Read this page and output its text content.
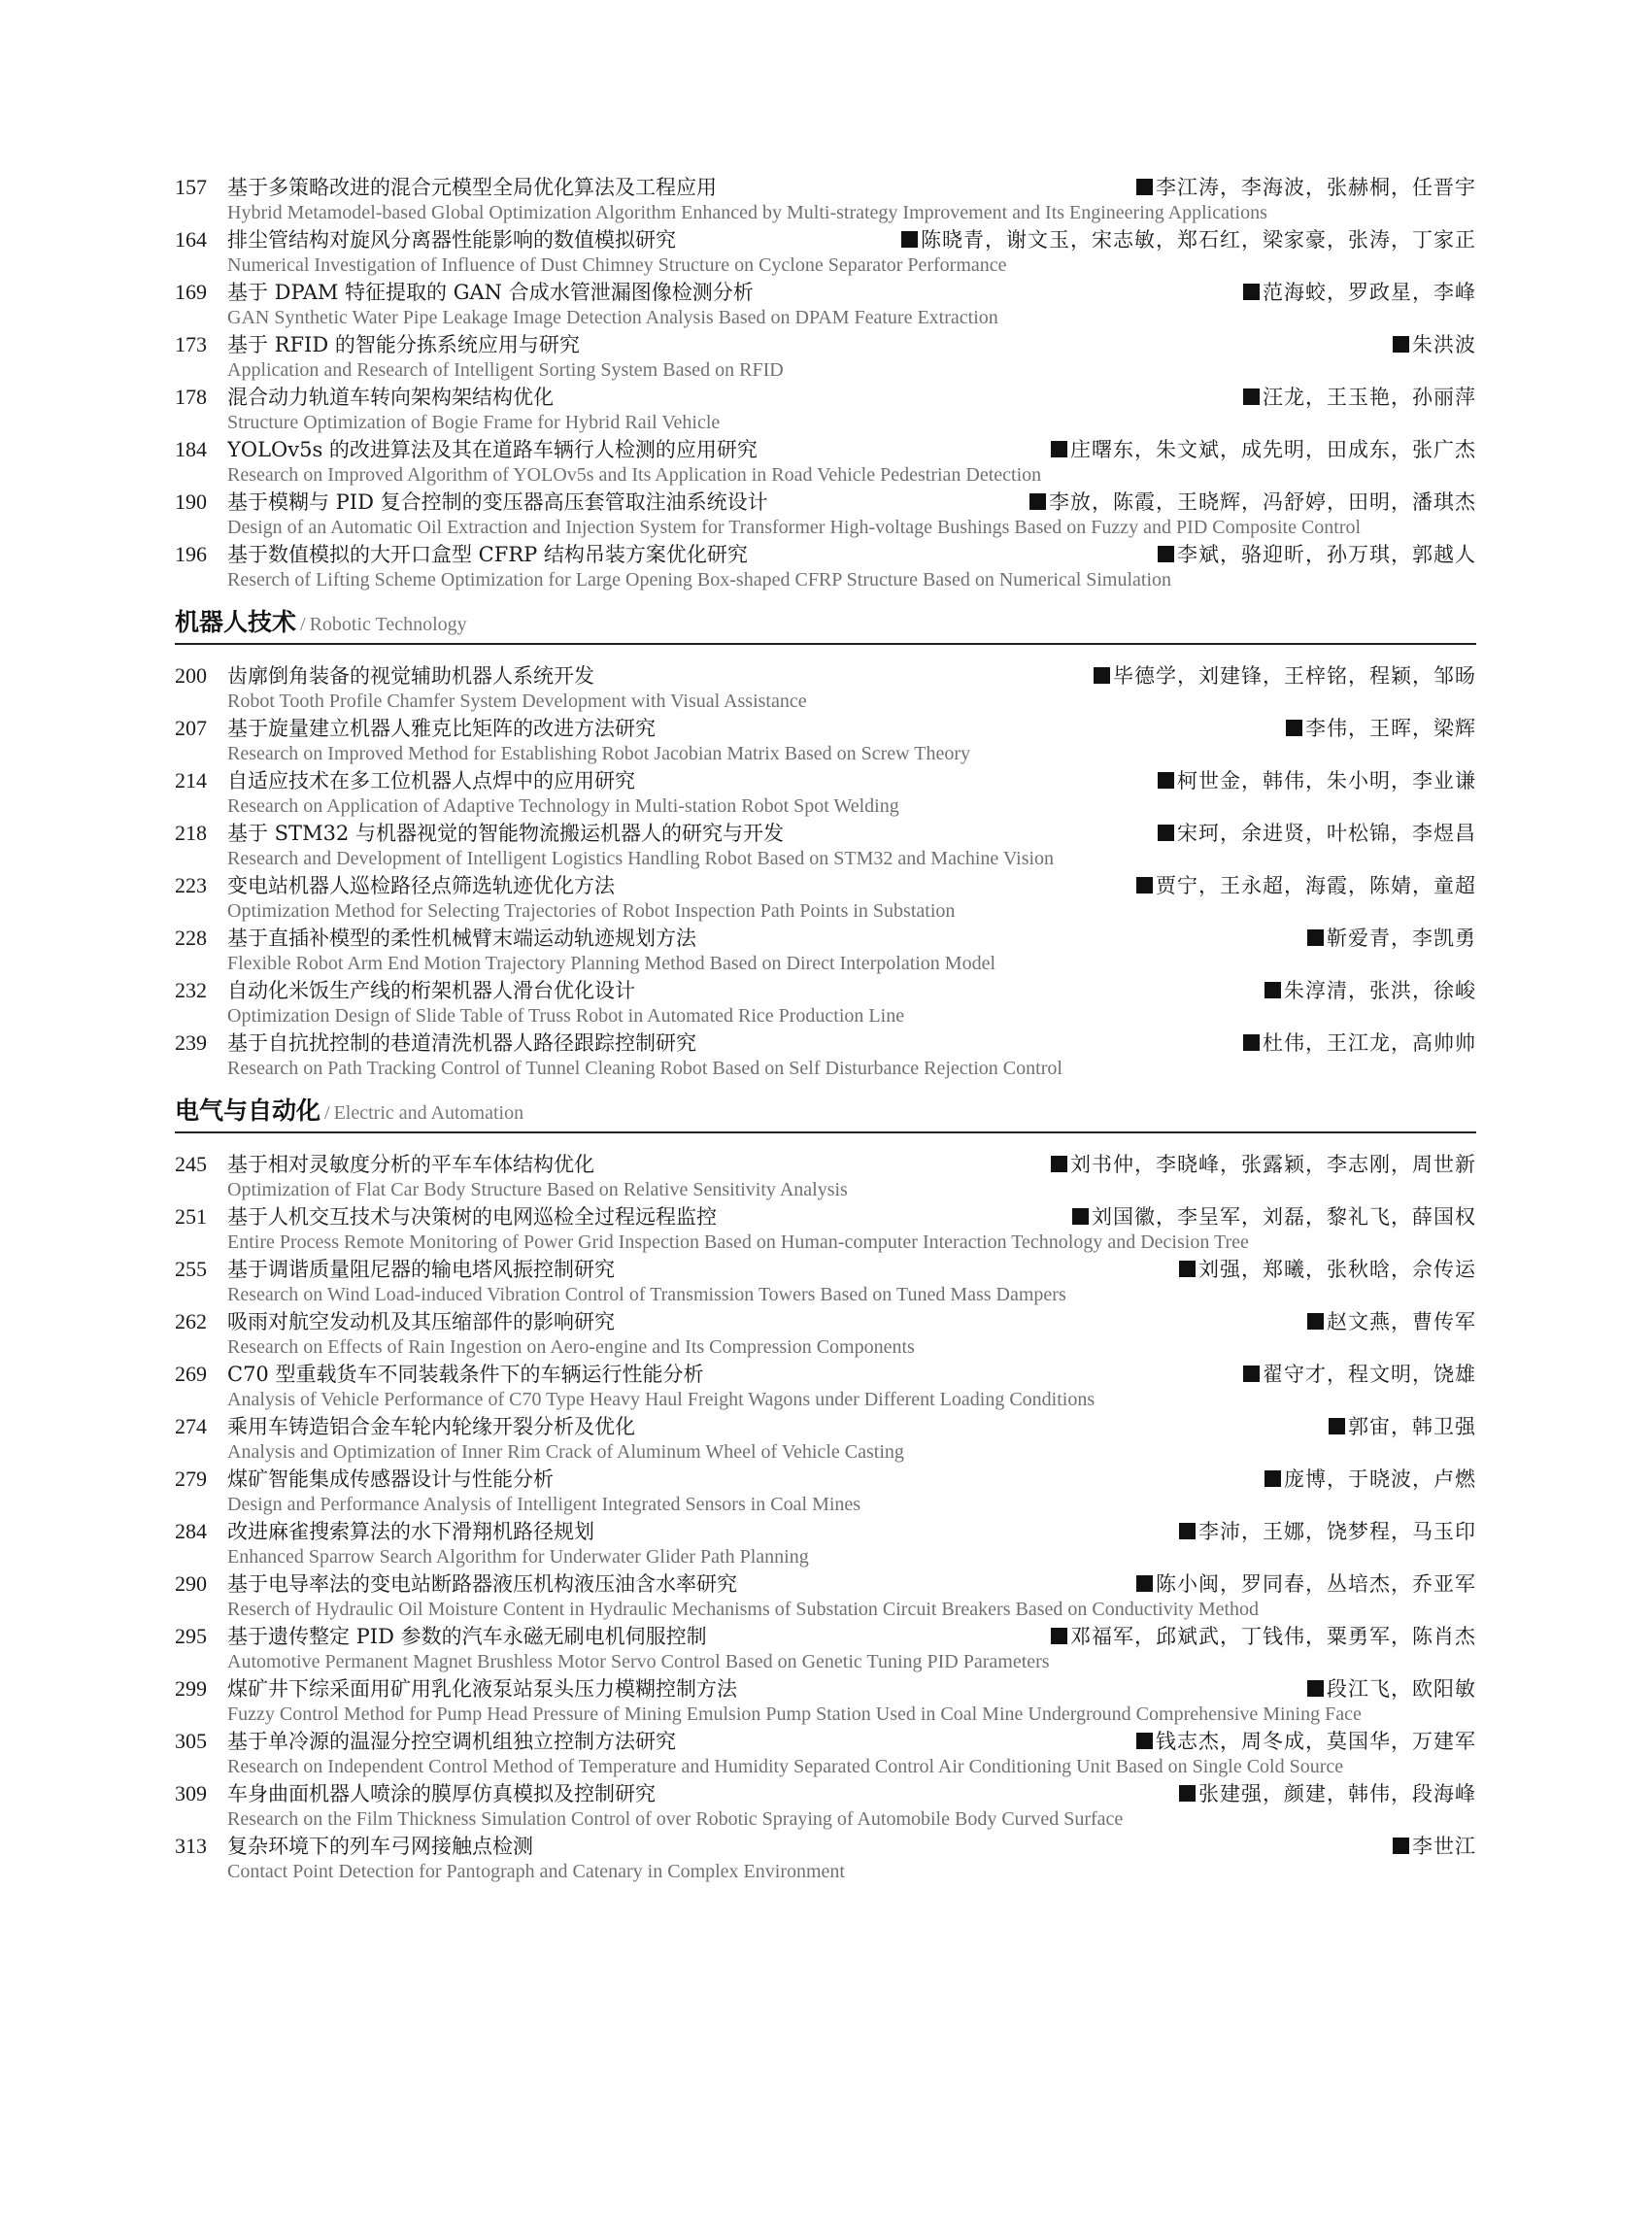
157	基于多策略改进的混合元模型全局优化算法及工程应用	李江涛，李海波，张赫桐，任晋宇
Hybrid Metamodel-based Global Optimization Algorithm Enhanced by Multi-strategy Improvement and Its Engineering Applications
164	排尘管结构对旋风分离器性能影响的数值模拟研究	陈晓青，谢文玉，宋志敏，郑石红，梁家豪，张涛，丁家正
Numerical Investigation of Influence of Dust Chimney Structure on Cyclone Separator Performance
169	基于 DPAM 特征提取的 GAN 合成水管泄漏图像检测分析	范海蛟，罗政星，李峰
GAN Synthetic Water Pipe Leakage Image Detection Analysis Based on DPAM Feature Extraction
173	基于 RFID 的智能分拣系统应用与研究	朱洪波
Application and Research of Intelligent Sorting System Based on RFID
178	混合动力轨道车转向架构架结构优化	汪龙，王玉艳，孙丽萍
Structure Optimization of Bogie Frame for Hybrid Rail Vehicle
184	YOLOv5s 的改进算法及其在道路车辆行人检测的应用研究	庄曙东，朱文斌，成先明，田成东，张广杰
Research on Improved Algorithm of YOLOv5s and Its Application in Road Vehicle Pedestrian Detection
190	基于模糊与 PID 复合控制的变压器高压套管取注油系统设计	李放，陈霞，王晓辉，冯舒婷，田明，潘琪杰
Design of an Automatic Oil Extraction and Injection System for Transformer High-voltage Bushings Based on Fuzzy and PID Composite Control
196	基于数值模拟的大开口盒型 CFRP 结构吊装方案优化研究	李斌，骆迎昕，孙万琪，郭越人
Reserch of Lifting Scheme Optimization for Large Opening Box-shaped CFRP Structure Based on Numerical Simulation
机器人技术 / Robotic Technology
200	齿廓倒角装备的视觉辅助机器人系统开发	毕德学，刘建锋，王梓铭，程颖，邹旸
Robot Tooth Profile Chamfer System Development with Visual Assistance
207	基于旋量建立机器人雅克比矩阵的改进方法研究	李伟，王晖，梁辉
Research on Improved Method for Establishing Robot Jacobian Matrix Based on Screw Theory
214	自适应技术在多工位机器人点焊中的应用研究	柯世金，韩伟，朱小明，李业谦
Research on Application of Adaptive Technology in Multi-station Robot Spot Welding
218	基于 STM32 与机器视觉的智能物流搬运机器人的研究与开发	宋珂，余进贤，叶松锦，李煜昌
Research and Development of Intelligent Logistics Handling Robot Based on STM32 and Machine Vision
223	变电站机器人巡检路径点筛选轨迹优化方法	贾宁，王永超，海霞，陈婧，童超
Optimization Method for Selecting Trajectories of Robot Inspection Path Points in Substation
228	基于直插补模型的柔性机械臂末端运动轨迹规划方法	靳爱青，李凯勇
Flexible Robot Arm End Motion Trajectory Planning Method Based on Direct Interpolation Model
232	自动化米饭生产线的桁架机器人滑台优化设计	朱淳清，张洪，徐峻
Optimization Design of Slide Table of Truss Robot in Automated Rice Production Line
239	基于自抗扰控制的巷道清洗机器人路径跟踪控制研究	杜伟，王江龙，高帅帅
Research on Path Tracking Control of Tunnel Cleaning Robot Based on Self Disturbance Rejection Control
电气与自动化 / Electric and Automation
245	基于相对灵敏度分析的平车车体结构优化	刘书仲，李晓峰，张露颖，李志刚，周世新
Optimization of Flat Car Body Structure Based on Relative Sensitivity Analysis
251	基于人机交互技术与决策树的电网巡检全过程远程监控	刘国徽，李呈军，刘磊，黎礼飞，薛国权
Entire Process Remote Monitoring of Power Grid Inspection Based on Human-computer Interaction Technology and Decision Tree
255	基于调谐质量阻尼器的输电塔风振控制研究	刘强，郑曦，张秋晗，佘传运
Research on Wind Load-induced Vibration Control of Transmission Towers Based on Tuned Mass Dampers
262	吸雨对航空发动机及其压缩部件的影响研究	赵文燕，曹传军
Research on Effects of Rain Ingestion on Aero-engine and Its Compression Components
269	C70 型重载货车不同装载条件下的车辆运行性能分析	翟守才，程文明，饶雄
Analysis of Vehicle Performance of C70 Type Heavy Haul Freight Wagons under Different Loading Conditions
274	乘用车铸造铝合金车轮内轮缘开裂分析及优化	郭宙，韩卫强
Analysis and Optimization of Inner Rim Crack of Aluminum Wheel of Vehicle Casting
279	煤矿智能集成传感器设计与性能分析	庞博，于晓波，卢燃
Design and Performance Analysis of Intelligent Integrated Sensors in Coal Mines
284	改进麻雀搜索算法的水下滑翔机路径规划	李沛，王娜，饶梦程，马玉印
Enhanced Sparrow Search Algorithm for Underwater Glider Path Planning
290	基于电导率法的变电站断路器液压机构液压油含水率研究	陈小闽，罗同春，丛培杰，乔亚军
Reserch of Hydraulic Oil Moisture Content in Hydraulic Mechanisms of Substation Circuit Breakers Based on Conductivity Method
295	基于遗传整定 PID 参数的汽车永磁无刷电机伺服控制	邓福军，邱斌武，丁钱伟，粟勇军，陈肖杰
Automotive Permanent Magnet Brushless Motor Servo Control Based on Genetic Tuning PID Parameters
299	煤矿井下综采面用矿用乳化液泵站泵头压力模糊控制方法	段江飞，欧阳敏
Fuzzy Control Method for Pump Head Pressure of Mining Emulsion Pump Station Used in Coal Mine Underground Comprehensive Mining Face
305	基于单冷源的温湿分控空调机组独立控制方法研究	钱志杰，周冬成，莫国华，万建军
Research on Independent Control Method of Temperature and Humidity Separated Control Air Conditioning Unit Based on Single Cold Source
309	车身曲面机器人喷涂的膜厚仿真模拟及控制研究	张建强，颜建，韩伟，段海峰
Research on the Film Thickness Simulation Control of over Robotic Spraying of Automobile Body Curved Surface
313	复杂环境下的列车弓网接触点检测	李世江
Contact Point Detection for Pantograph and Catenary in Complex Environment
